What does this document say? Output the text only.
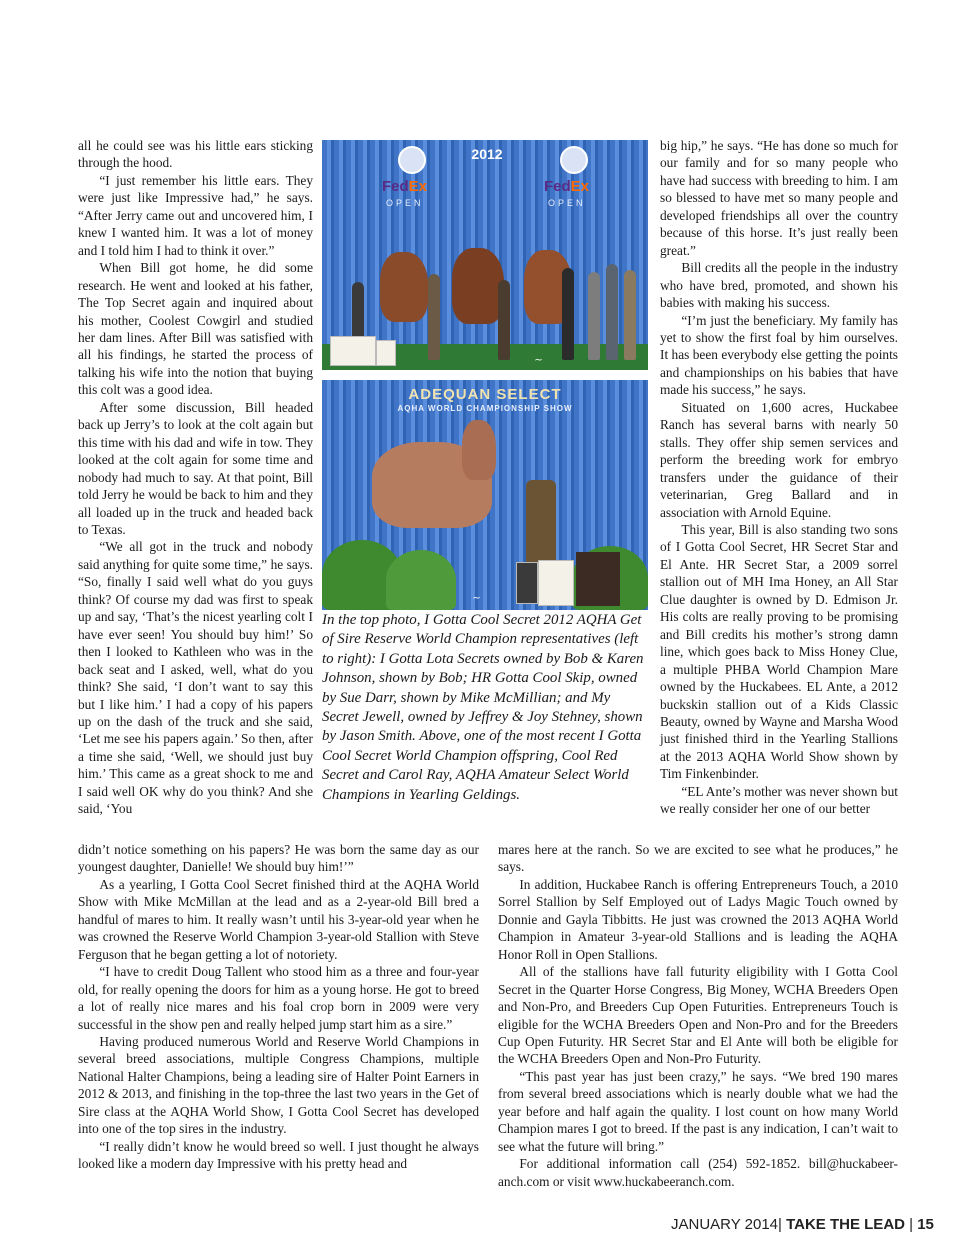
all he could see was his little ears sticking through the hood.

“I just remember his little ears. They were just like Impressive had,” he says. “After Jerry came out and uncovered him, I knew I wanted him. It was a lot of money and I told him I had to think it over.”

When Bill got home, he did some research. He went and looked at his father, The Top Secret again and inquired about his mother, Coolest Cowgirl and studied her dam lines. After Bill was satisfied with all his findings, he started the process of talking his wife into the notion that buying this colt was a good idea.

After some discussion, Bill headed back up Jerry’s to look at the colt again but this time with his dad and wife in tow. They looked at the colt again for some time and nobody had much to say. At that point, Bill told Jerry he would be back to him and they all loaded up in the truck and headed back to Texas.

“We all got in the truck and nobody said anything for quite some time,” he says. “So, finally I said well what do you guys think? Of course my dad was first to speak up and say, ‘That’s the nicest yearling colt I have ever seen! You should buy him!’ So then I looked to Kathleen who was in the back seat and I asked, well, what do you think? She said, ‘I don’t want to say this but I like him.’ I had a copy of his papers up on the dash of the truck and she said, ‘Let me see his papers again.’ So then, after a time she said, ‘Well, we should just buy him.’ This came as a great shock to me and I said well OK why do you think? And she said, ‘You

2012
FedEx	FedEx
OPEN	OPEN
~
ADEQUAN SELECT
AQHA WORLD CHAMPIONSHIP SHOW
~
In the top photo, I Gotta Cool Secret 2012 AQHA Get of Sire Reserve World Champion representatives (left to right): I Gotta Lota Secrets owned by Bob & Karen Johnson, shown by Bob; HR Gotta Cool Skip, owned by Sue Darr, shown by Mike McMillian; and My Secret Jewell, owned by Jeffrey & Joy Stehney, shown by Jason Smith. Above, one of the most recent I Gotta Cool Secret World Champion offspring, Cool Red Secret and Carol Ray, AQHA Amateur Select World Champions in Yearling Geldings.

big hip,” he says. “He has done so much for our family and for so many people who have had success with breeding to him. I am so blessed to have met so many people and developed friendships all over the country because of this horse. It’s just really been great.”

Bill credits all the people in the industry who have bred, promoted, and shown his babies with making his success.

“I’m just the beneficiary. My family has yet to show the first foal by him ourselves. It has been everybody else getting the points and championships on his babies that have made his success,” he says.

Situated on 1,600 acres, Huckabee Ranch has several barns with nearly 50 stalls. They offer ship semen services and perform the breeding work for embryo transfers under the guidance of their veterinarian, Greg Ballard and in association with Arnold Equine.

This year, Bill is also standing two sons of I Gotta Cool Secret, HR Secret Star and El Ante. HR Secret Star, a 2009 sorrel stallion out of MH Ima Honey, an All Star Clue daughter is owned by D. Edmison Jr. His colts are really proving to be promising and Bill credits his mother’s strong damn line, which goes back to Miss Honey Clue, a multiple PHBA World Champion Mare owned by the Huckabees. EL Ante, a 2012 buckskin stallion out of a Kids Classic Beauty, owned by Wayne and Marsha Wood just finished third in the Yearling Stallions at the 2013 AQHA World Show shown by Tim Finkenbinder.

“EL Ante’s mother was never shown but we really consider her one of our better

didn’t notice something on his papers? He was born the same day as our youngest daughter, Danielle! We should buy him!’”

As a yearling, I Gotta Cool Secret finished third at the AQHA World Show with Mike McMillan at the lead and as a 2-year-old Bill bred a handful of mares to him. It really wasn’t until his 3-year-old year when he was crowned the Reserve World Champion 3-year-old Stallion with Steve Ferguson that he began getting a lot of notoriety.

“I have to credit Doug Tallent who stood him as a three and four-year old, for really opening the doors for him as a young horse. He got to breed a lot of really nice mares and his foal crop born in 2009 were very successful in the show pen and really helped jump start him as a sire.”

Having produced numerous World and Reserve World Champions in several breed associations, multiple Congress Champions, multiple National Halter Champions, being a leading sire of Halter Point Earners in 2012 & 2013, and finishing in the top-three the last two years in the Get of Sire class at the AQHA World Show, I Gotta Cool Secret has developed into one of the top sires in the industry.

“I really didn’t know he would breed so well. I just thought he always looked like a modern day Impressive with his pretty head and

mares here at the ranch. So we are excited to see what he produces,” he says.

In addition, Huckabee Ranch is offering Entrepreneurs Touch, a 2010 Sorrel Stallion by Self Employed out of Ladys Magic Touch owned by Donnie and Gayla Tibbitts. He just was crowned the 2013 AQHA World Champion in Amateur 3-year-old Stallions and is leading the AQHA Honor Roll in Open Stallions.

All of the stallions have fall futurity eligibility with I Gotta Cool Secret in the Quarter Horse Congress, Big Money, WCHA Breeders Open and Non-Pro, and Breeders Cup Open Futurities. Entrepreneurs Touch is eligible for the WCHA Breeders Open and Non-Pro and for the Breeders Cup Open Futurity. HR Secret Star and El Ante will both be eligible for the WCHA Breeders Open and Non-Pro Futurity.

“This past year has just been crazy,” he says. “We bred 190 mares from several breed associations which is nearly double what we had the year before and half again the quality. I lost count on how many World Champion mares I got to breed. If the past is any indication, I can’t wait to see what the future will bring.”

For additional information call (254) 592-1852. bill@huckabeer-anch.com or visit www.huckabeeranch.com.

JANUARY 2014| TAKE THE LEAD | 15
